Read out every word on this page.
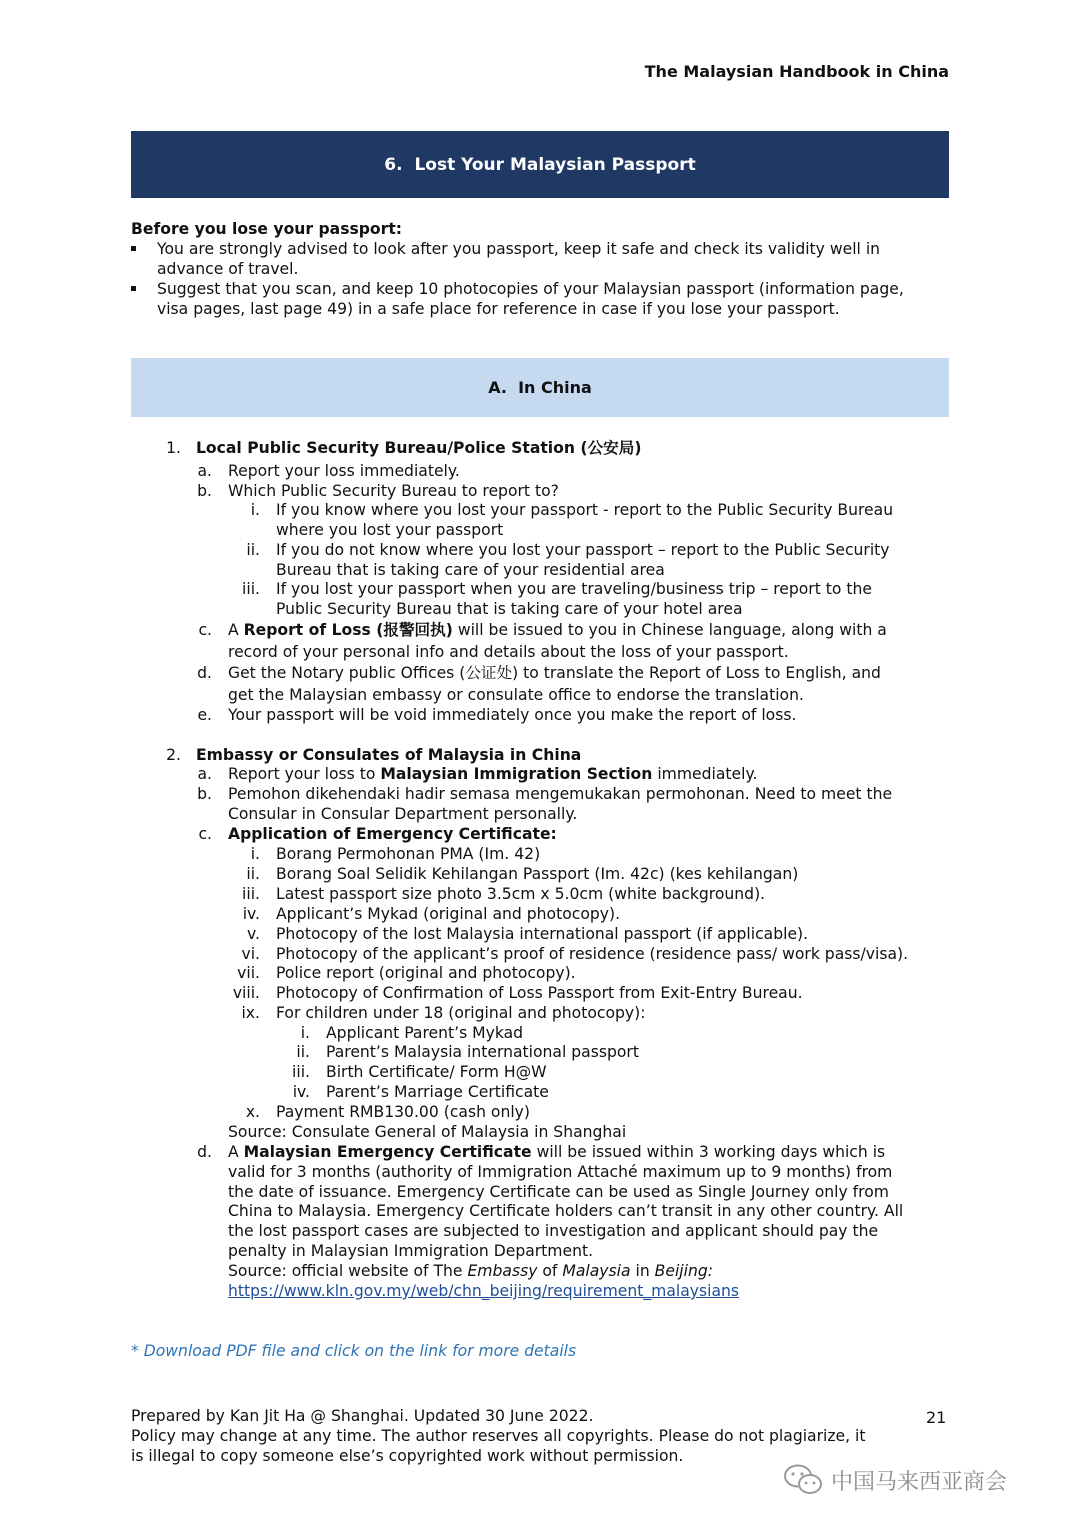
The Malaysian Handbook in China
6.
Lost Your Malaysian Passport
Before you lose your passport:
You are strongly advised to look after you passport, keep it safe and check its validity well in
advance of travel.
Suggest that you scan, and keep 10 photocopies of your Malaysian passport (information page,
visa pages, last page 49) in a safe place for reference in case if you lose your passport.
A.
In China
1. Local Public Security Bureau/Police Station (公安局)
a. Report your loss immediately.
b. Which Public Security Bureau to report to?
i. If you know where you lost your passport - report to the Public Security Bureau
where you lost your passport
ii. If you do not know where you lost your passport – report to the Public Security
Bureau that is taking care of your residential area
iii. If you lost your passport when you are traveling/business trip – report to the
Public Security Bureau that is taking care of your hotel area
c. A Report of Loss (报警回执) will be issued to you in Chinese language, along with a
record of your personal info and details about the loss of your passport.
d. Get the Notary public Offices (公证处) to translate the Report of Loss to English, and
get the Malaysian embassy or consulate office to endorse the translation.
e. Your passport will be void immediately once you make the report of loss.
2. Embassy or Consulates of Malaysia in China
a. Report your loss to Malaysian Immigration Section immediately.
b. Pemohon dikehendaki hadir semasa mengemukakan permohonan. Need to meet the
Consular in Consular Department personally.
c. Application of Emergency Certificate:
i. Borang Permohonan PMA (Im. 42)
ii. Borang Soal Selidik Kehilangan Passport (Im. 42c) (kes kehilangan)
iii. Latest passport size photo 3.5cm x 5.0cm (white background).
iv. Applicant’s Mykad (original and photocopy).
v. Photocopy of the lost Malaysia international passport (if applicable).
vi. Photocopy of the applicant’s proof of residence (residence pass/ work pass/visa).
vii. Police report (original and photocopy).
viii. Photocopy of Confirmation of Loss Passport from Exit-Entry Bureau.
ix. For children under 18 (original and photocopy):
i. Applicant Parent’s Mykad
ii. Parent’s Malaysia international passport
iii. Birth Certificate/ Form H@W
iv. Parent’s Marriage Certificate
x. Payment RMB130.00 (cash only)
Source: Consulate General of Malaysia in Shanghai
d. A Malaysian Emergency Certificate will be issued within 3 working days which is
valid for 3 months (authority of Immigration Attaché maximum up to 9 months) from
the date of issuance. Emergency Certificate can be used as Single Journey only from
China to Malaysia. Emergency Certificate holders can’t transit in any other country. All
the lost passport cases are subjected to investigation and applicant should pay the
penalty in Malaysian Immigration Department.
Source: official website of The Embassy of Malaysia in Beijing:
https://www.kln.gov.my/web/chn_beijing/requirement_malaysians
* Download PDF file and click on the link for more details
Prepared by Kan Jit Ha @ Shanghai. Updated 30 June 2022.
Policy may change at any time. The author reserves all copyrights. Please do not plagiarize, it
is illegal to copy someone else’s copyrighted work without permission.
21
中国马来西亚商会
